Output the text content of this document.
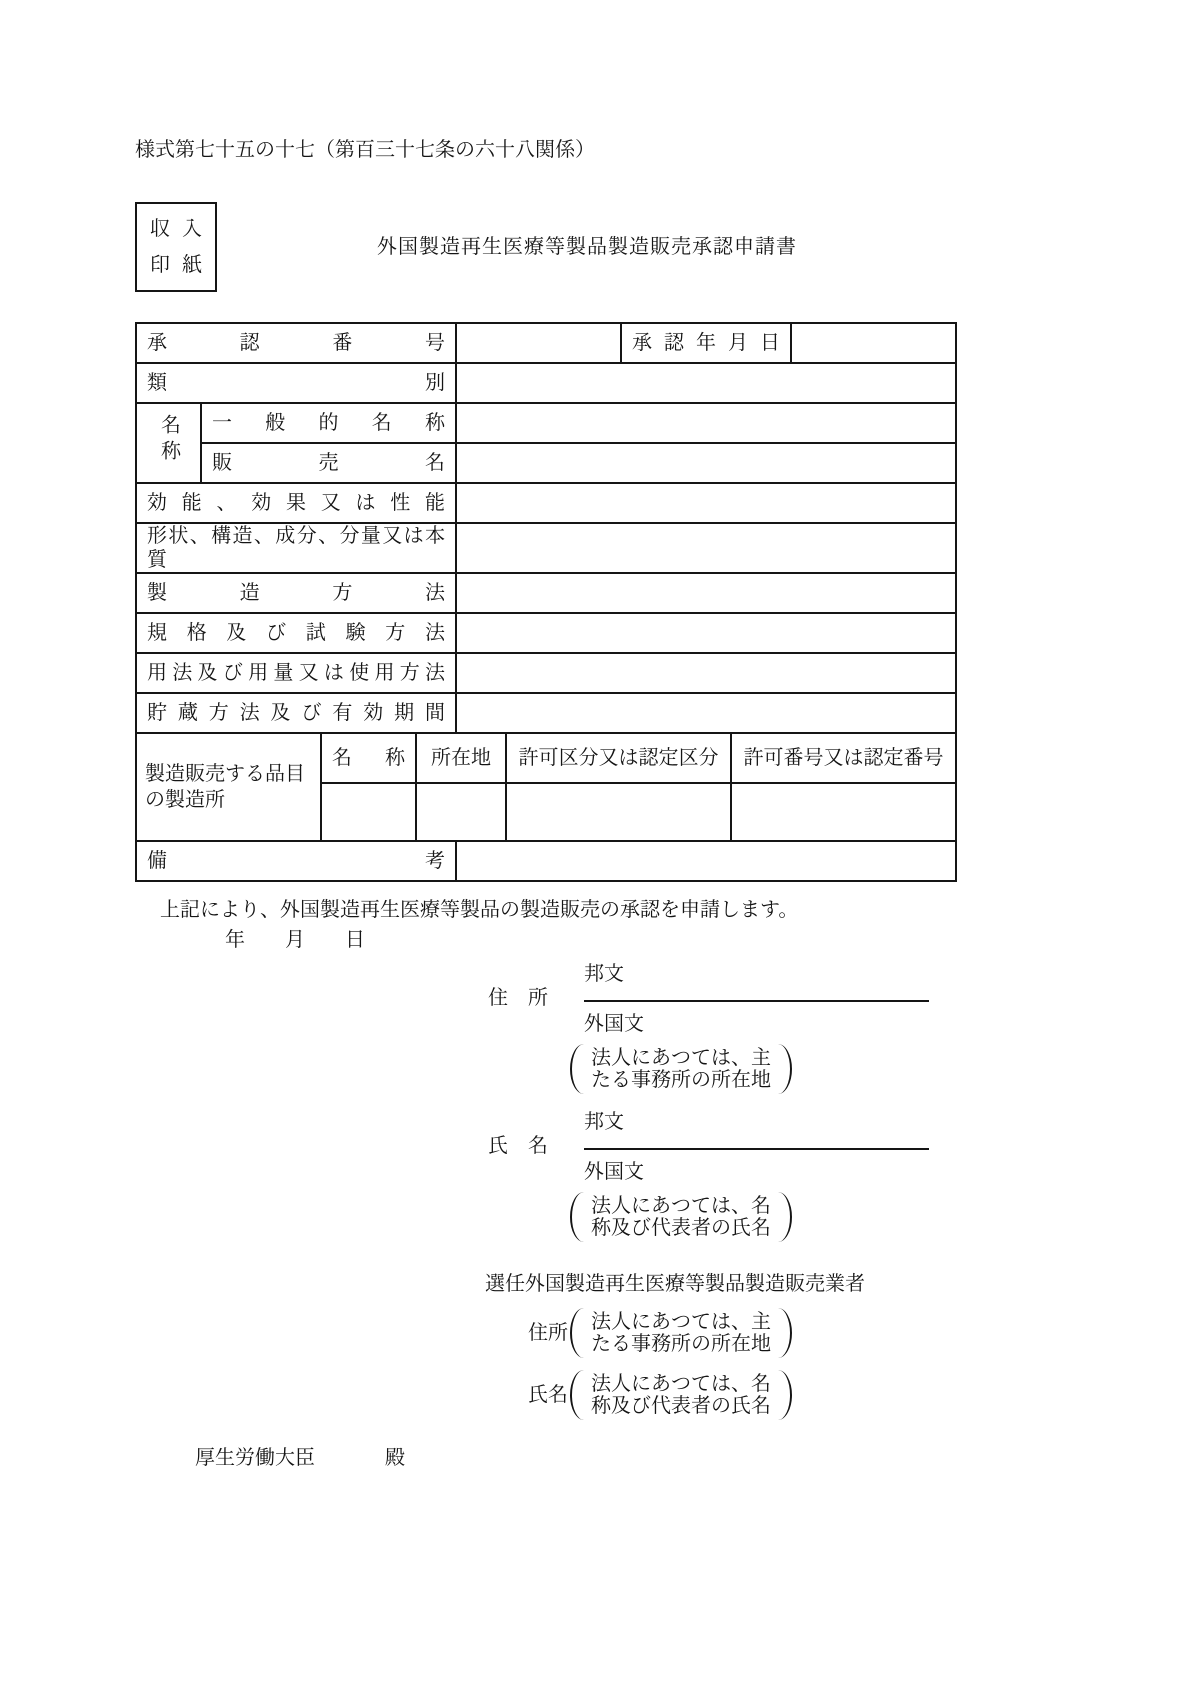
様式第七十五の十七（第百三十七条の六十八関係）
収入
印紙
外国製造再生医療等製品製造販売承認申請書
承認番号						承認年月日		
類別								
名称	一般的名称							
	販売名							
効能、効果又は性能								
形状、構造、成分、分量又は本質								
製造方法								
規格及び試験方法								
用法及び用量又は使用方法								
貯蔵方法及び有効期間								
製造販売する品目の製造所		名称	所在地		許可区分又は認定区分		許可番号又は認定番号	

備考								
上記により、外国製造再生医療等製品の製造販売の承認を申請します。
年　　月　　日
住　所
邦文
外国文
法人にあつては、主
たる事務所の所在地
氏　名
邦文
外国文
法人にあつては、名
称及び代表者の氏名
選任外国製造再生医療等製品製造販売業者
住所 法人にあつては、主
たる事務所の所在地
氏名 法人にあつては、名
称及び代表者の氏名
厚生労働大臣	殿
